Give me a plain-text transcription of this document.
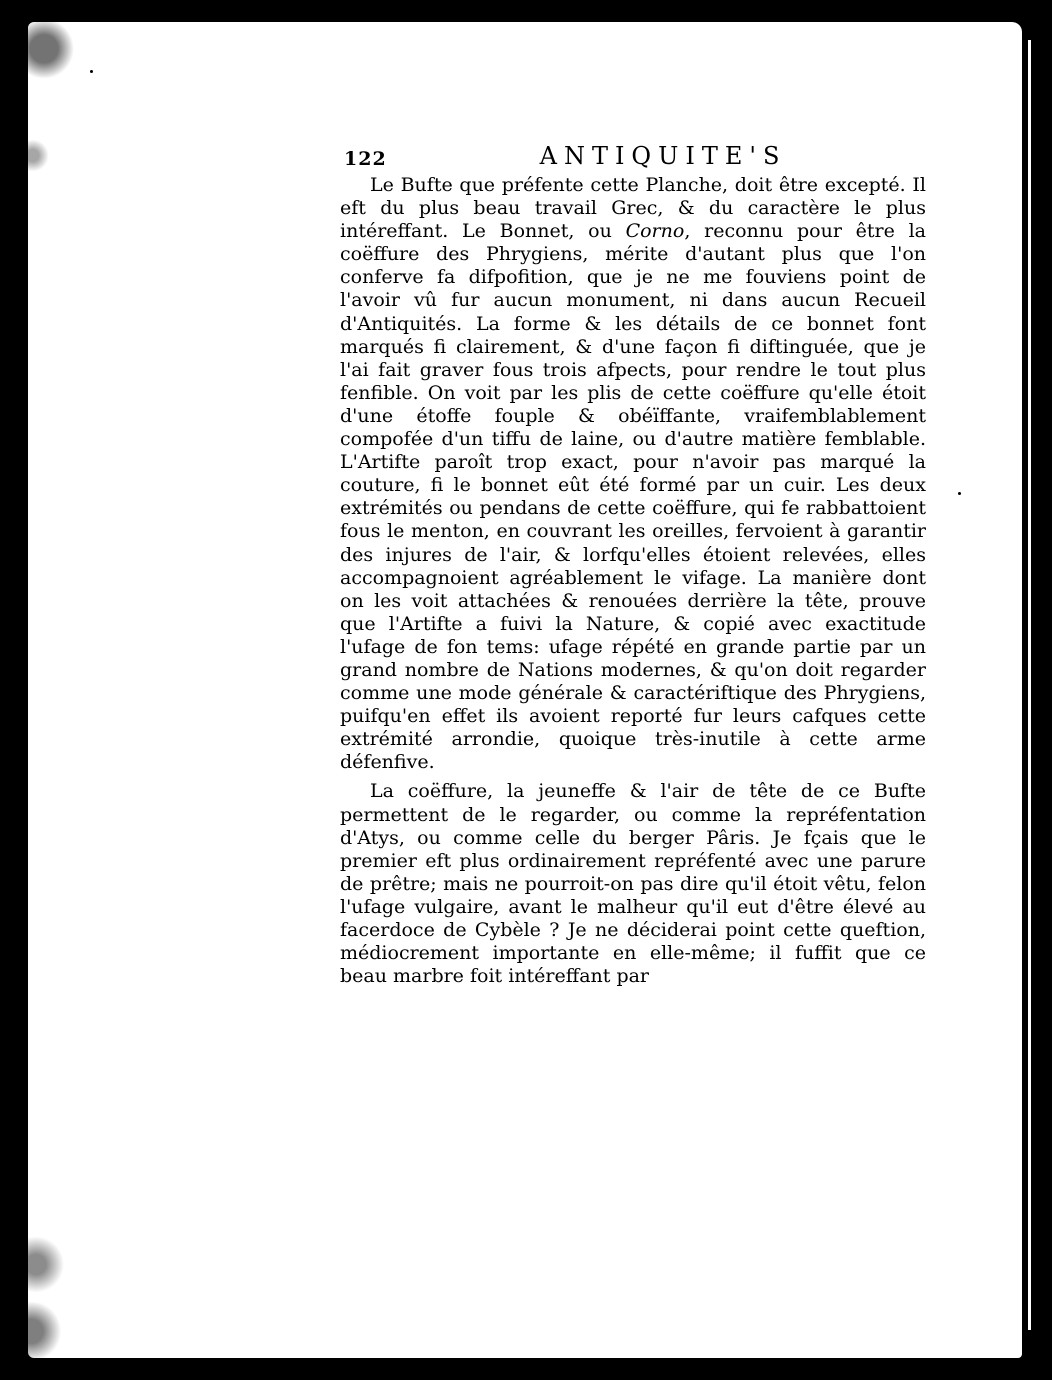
122	ANTIQUITE'S

Le Bufte que préfente cette Planche, doit être excepté. Il eft du plus beau travail Grec, & du caractère le plus intéreffant. Le Bonnet, ou Corno, reconnu pour être la coëffure des Phrygiens, mérite d'autant plus que l'on conferve fa difpofition, que je ne me fouviens point de l'avoir vû fur aucun monument, ni dans aucun Recueil d'Antiquités. La forme & les détails de ce bonnet font marqués fi clairement, & d'une façon fi diftinguée, que je l'ai fait graver fous trois afpects, pour rendre le tout plus fenfible. On voit par les plis de cette coëffure qu'elle étoit d'une étoffe fouple & obéïffante, vraifemblablement compofée d'un tiffu de laine, ou d'autre matière femblable. L'Artifte paroît trop exact, pour n'avoir pas marqué la couture, fi le bonnet eût été formé par un cuir. Les deux extrémités ou pendans de cette coëffure, qui fe rabbattoient fous le menton, en couvrant les oreilles, fervoient à garantir des injures de l'air, & lorfqu'elles étoient relevées, elles accompagnoient agréablement le vifage. La manière dont on les voit attachées & renouées derrière la tête, prouve que l'Artifte a fuivi la Nature, & copié avec exactitude l'ufage de fon tems: ufage répété en grande partie par un grand nombre de Nations modernes, & qu'on doit regarder comme une mode générale & caractériftique des Phrygiens, puifqu'en effet ils avoient reporté fur leurs cafques cette extrémité arrondie, quoique très-inutile à cette arme défenfive.

La coëffure, la jeuneffe & l'air de tête de ce Bufte permettent de le regarder, ou comme la repréfentation d'Atys, ou comme celle du berger Pâris. Je fçais que le premier eft plus ordinairement repréfenté avec une parure de prêtre; mais ne pourroit-on pas dire qu'il étoit vêtu, felon l'ufage vulgaire, avant le malheur qu'il eut d'être élevé au facerdoce de Cybèle ? Je ne déciderai point cette queftion, médiocrement importante en elle-même; il fuffit que ce beau marbre foit intéreffant par
